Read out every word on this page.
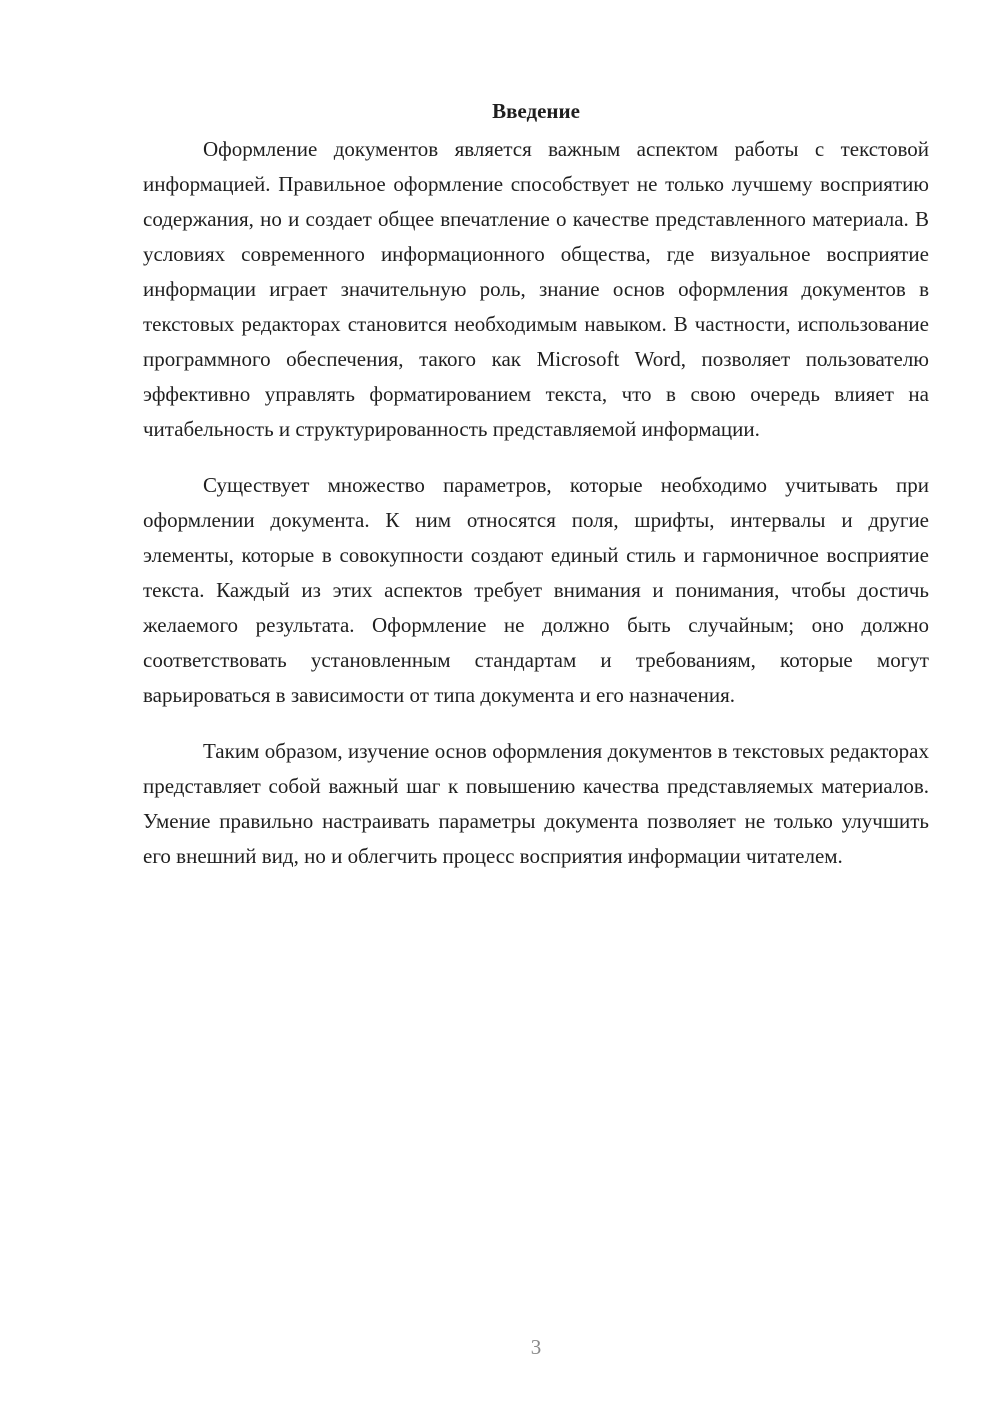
Введение

Оформление документов является важным аспектом работы с текстовой информацией. Правильное оформление способствует не только лучшему восприятию содержания, но и создает общее впечатление о качестве представленного материала. В условиях современного информационного общества, где визуальное восприятие информации играет значительную роль, знание основ оформления документов в текстовых редакторах становится необходимым навыком. В частности, использование программного обеспечения, такого как Microsoft Word, позволяет пользователю эффективно управлять форматированием текста, что в свою очередь влияет на читабельность и структурированность представляемой информации.

Существует множество параметров, которые необходимо учитывать при оформлении документа. К ним относятся поля, шрифты, интервалы и другие элементы, которые в совокупности создают единый стиль и гармоничное восприятие текста. Каждый из этих аспектов требует внимания и понимания, чтобы достичь желаемого результата. Оформление не должно быть случайным; оно должно соответствовать установленным стандартам и требованиям, которые могут варьироваться в зависимости от типа документа и его назначения.

Таким образом, изучение основ оформления документов в текстовых редакторах представляет собой важный шаг к повышению качества представляемых материалов. Умение правильно настраивать параметры документа позволяет не только улучшить его внешний вид, но и облегчить процесс восприятия информации читателем.

3
